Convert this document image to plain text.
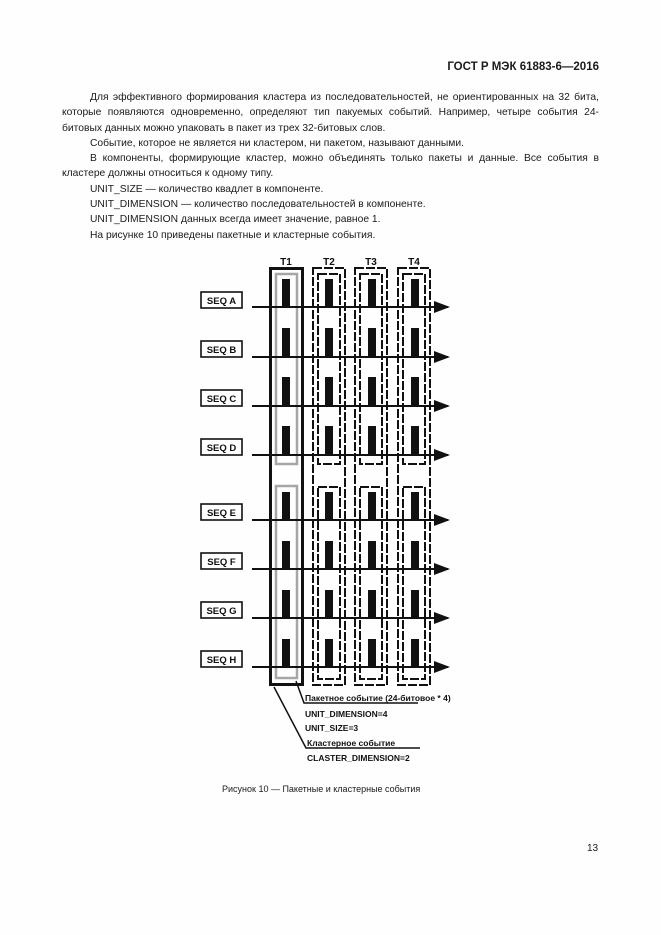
ГОСТ Р МЭК 61883-6—2016

Для эффективного формирования кластера из последовательностей, не ориентированных на 32 бита, которые появляются одновременно, определяют тип пакуемых событий. Например, четыре события 24-битовых данных можно упаковать в пакет из трех 32-битовых слов.

Событие, которое не является ни кластером, ни пакетом, называют данными.

В компоненты, формирующие кластер, можно объединять только пакеты и данные. Все события в кластере должны относиться к одному типу.

UNIT_SIZE — количество квадлет в компоненте.

UNIT_DIMENSION — количество последовательностей в компоненте.

UNIT_DIMENSION данных всегда имеет значение, равное 1.

На рисунке 10 приведены пакетные и кластерные события.

T1	T2	T3	T4
SEQ A
SEQ B
SEQ C
SEQ D
SEQ E
SEQ F
SEQ G
SEQ H
Пакетное событие (24-битовое * 4)
UNIT_DIMENSION=4
UNIT_SIZE=3
Кластерное событие
CLASTER_DIMENSION=2
Рисунок 10 — Пакетные и кластерные события
13
